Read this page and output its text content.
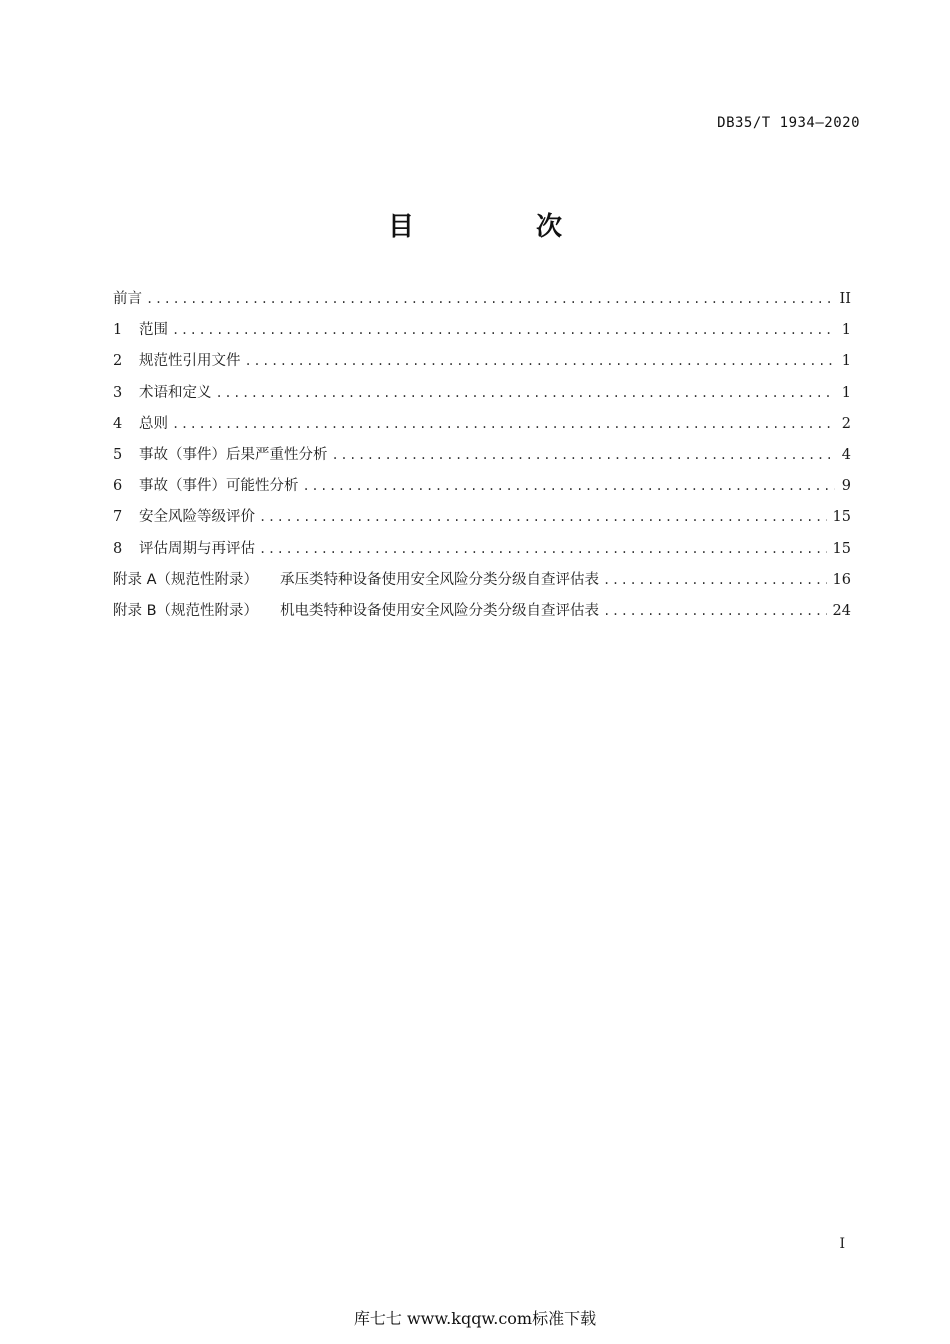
DB35/T 1934—2020
目　次
前言 .....	II
1	范围 .....	1
2	规范性引用文件 .....	1
3	术语和定义 .....	1
4	总则 .....	2
5	事故（事件）后果严重性分析 .....	4
6	事故（事件）可能性分析 .....	9
7	安全风险等级评价 .....	15
8	评估周期与再评估 .....	15
附录 A（规范性附录）	承压类特种设备使用安全风险分类分级自查评估表 .....	16
附录 B（规范性附录）	机电类特种设备使用安全风险分类分级自查评估表 .....	24
I
库七七 www.kqqw.com标准下载
